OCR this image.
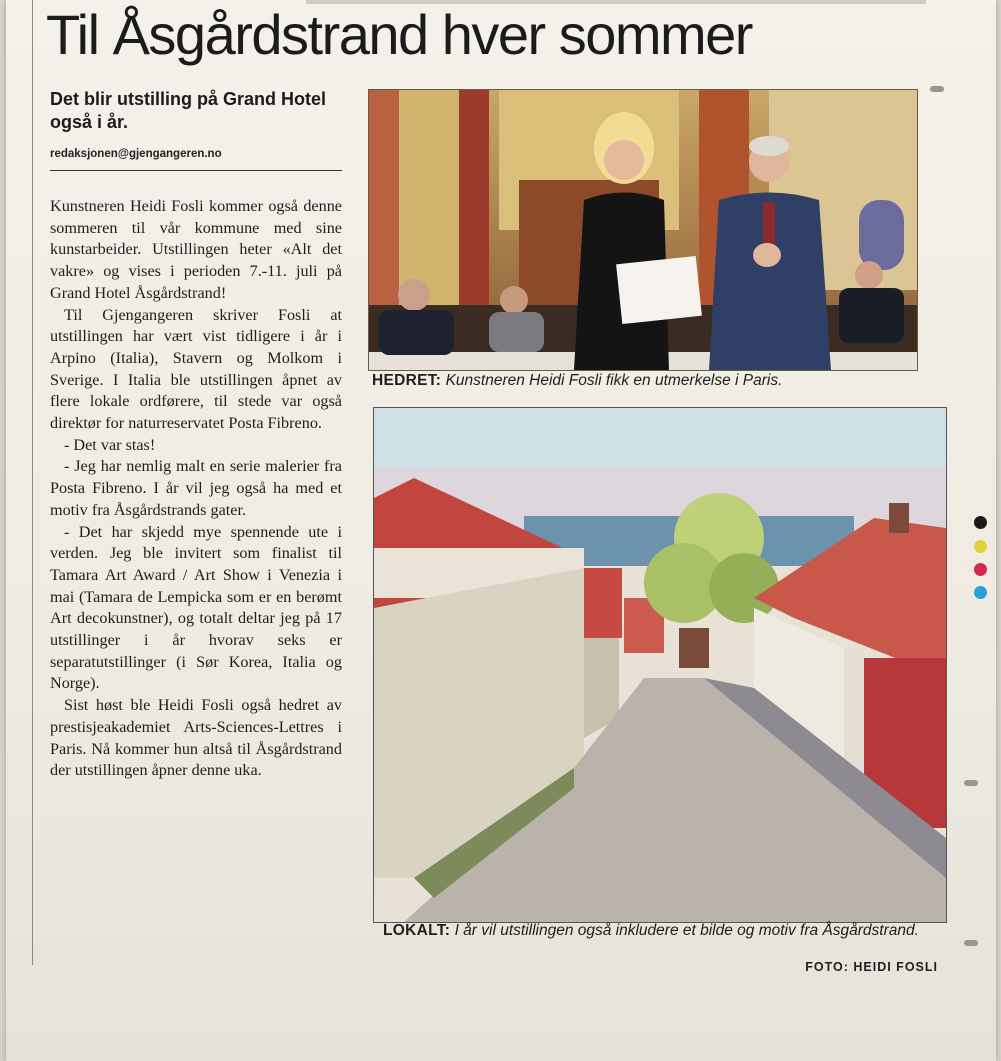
Til Åsgårdstrand hver sommer

Det blir utstilling på Grand Hotel også i år.

redaksjonen@gjengangeren.no

Kunstneren Heidi Fosli kommer også denne sommeren til vår kommune med sine kunstarbeider. Utstillingen heter «Alt det vakre» og vises i perioden 7.-11. juli på Grand Hotel Åsgårdstrand!

Til Gjengangeren skriver Fosli at utstillingen har vært vist tidligere i år i Arpino (Italia), Stavern og Molkom i Sverige. I Italia ble utstillingen åpnet av flere lokale ordførere, til stede var også direktør for naturreservatet Posta Fibreno.

- Det var stas!

- Jeg har nemlig malt en serie malerier fra Posta Fibreno. I år vil jeg også ha med et motiv fra Åsgårdstrands gater.

- Det har skjedd mye spennende ute i verden. Jeg ble invitert som finalist til Tamara Art Award / Art Show i Venezia i mai (Tamara de Lempicka som er en berømt Art decokunstner), og totalt deltar jeg på 17 utstillinger i år hvorav seks er separatutstillinger (i Sør Korea, Italia og Norge).

Sist høst ble Heidi Fosli også hedret av prestisjeakademiet Arts-Sciences-Lettres i Paris. Nå kommer hun altså til Åsgårdstrand der utstillingen åpner denne uka.

HEDRET: Kunstneren Heidi Fosli fikk en utmerkelse i Paris.
LOKALT: I år vil utstillingen også inkludere et bilde og motiv fra Åsgårdstrand.
FOTO: HEIDI FOSLI
